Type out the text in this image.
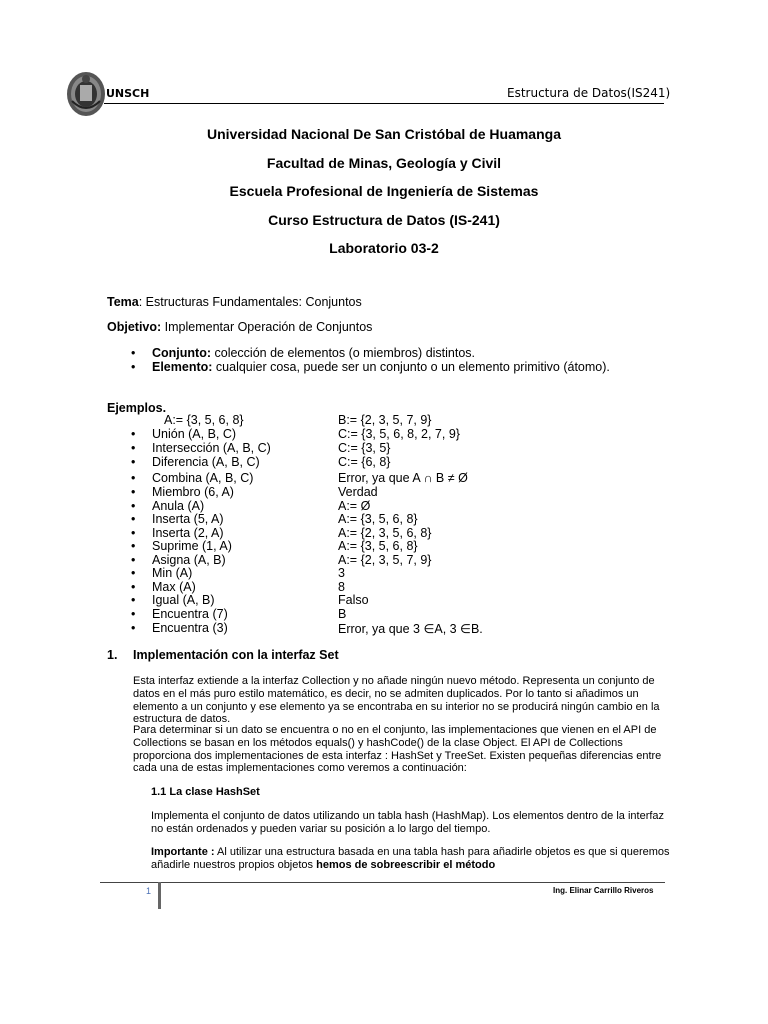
UNSCH	Estructura de Datos(IS241)
Universidad Nacional De San Cristóbal de Huamanga
Facultad de Minas, Geología y Civil
Escuela Profesional de Ingeniería de Sistemas
Curso Estructura de Datos (IS-241)
Laboratorio 03-2
Tema: Estructuras Fundamentales: Conjuntos
Objetivo: Implementar Operación de Conjuntos
• Conjunto: colección de elementos (o miembros) distintos.
• Elemento: cualquier cosa, puede ser un conjunto o un elemento primitivo (átomo).
Ejemplos.
A:= {3, 5, 6, 8}	B:= {2, 3, 5, 7, 9}
• Unión (A, B, C)	C:= {3, 5, 6, 8, 2, 7, 9}
• Intersección (A, B, C)	C:= {3, 5}
• Diferencia (A, B, C)	C:= {6, 8}
• Combina (A, B, C)	Error, ya que A ∩ B ≠ Ø
• Miembro (6, A)	Verdad
• Anula (A)	A:= Ø
• Inserta (5, A)	A:= {3, 5, 6, 8}
• Inserta (2, A)	A:= {2, 3, 5, 6, 8}
• Suprime (1, A)	A:= {3, 5, 6, 8}
• Asigna (A, B)	A:= {2, 3, 5, 7, 9}
• Min (A)	3
• Max (A)	8
• Igual (A, B)	Falso
• Encuentra (7)	B
• Encuentra (3)	Error, ya que 3 ∈A, 3 ∈B.
1. Implementación con la interfaz Set
Esta interfaz extiende a la interfaz Collection y no añade ningún nuevo método. Representa un conjunto de datos en el más puro estilo matemático, es decir, no se admiten duplicados. Por lo tanto si añadimos un elemento a un conjunto y ese elemento ya se encontraba en su interior no se producirá ningún cambio en la estructura de datos.
Para determinar si un dato se encuentra o no en el conjunto, las implementaciones que vienen en el API de Collections se basan en los métodos equals() y hashCode() de la clase Object. El API de Collections proporciona dos implementaciones de esta interfaz : HashSet y TreeSet. Existen pequeñas diferencias entre cada una de estas implementaciones como veremos a continuación:
1.1 La clase HashSet
Implementa el conjunto de datos utilizando un tabla hash (HashMap). Los elementos dentro de la interfaz no están ordenados y pueden variar su posición a lo largo del tiempo.
Importante : Al utilizar una estructura basada en una tabla hash para añadirle objetos es que si queremos añadirle nuestros propios objetos hemos de sobreescribir el método
1	Ing. Elinar Carrillo Riveros
